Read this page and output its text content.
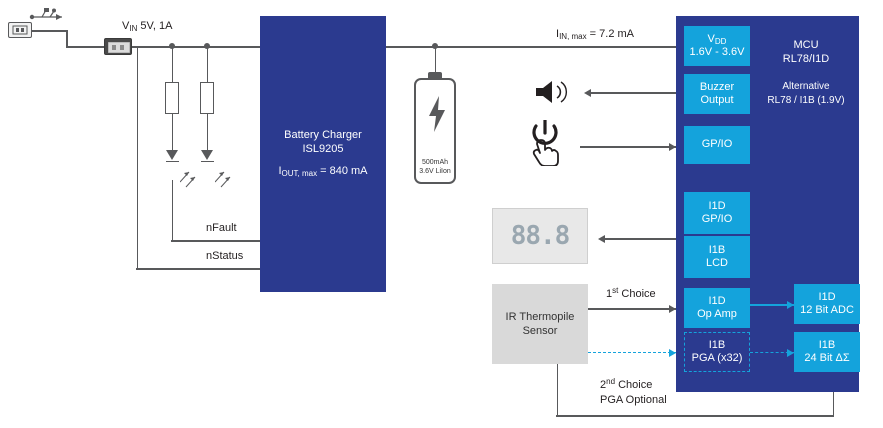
$V_{IN}$ 5V, 1A
nFault
nStatus
Battery Charger
ISL9205
$I_{OUT, max} = 840$ mA
$I_{IN, max} = 7.2$ mA
500mAh
3.6V LiIon
88.8
IR Thermopile
Sensor
1st Choice
2nd Choice
PGA Optional
MCU
RL78/I1D
Alternative
RL78 / I1B (1.9V)
$V_{DD}$
1.6V - 3.6V
Buzzer
Output
GP/IO
I1D
GP/IO
I1B
LCD
I1D
Op Amp
I1B
PGA (x32)
I1D
12 Bit ADC
I1B
24 Bit ΔΣ
